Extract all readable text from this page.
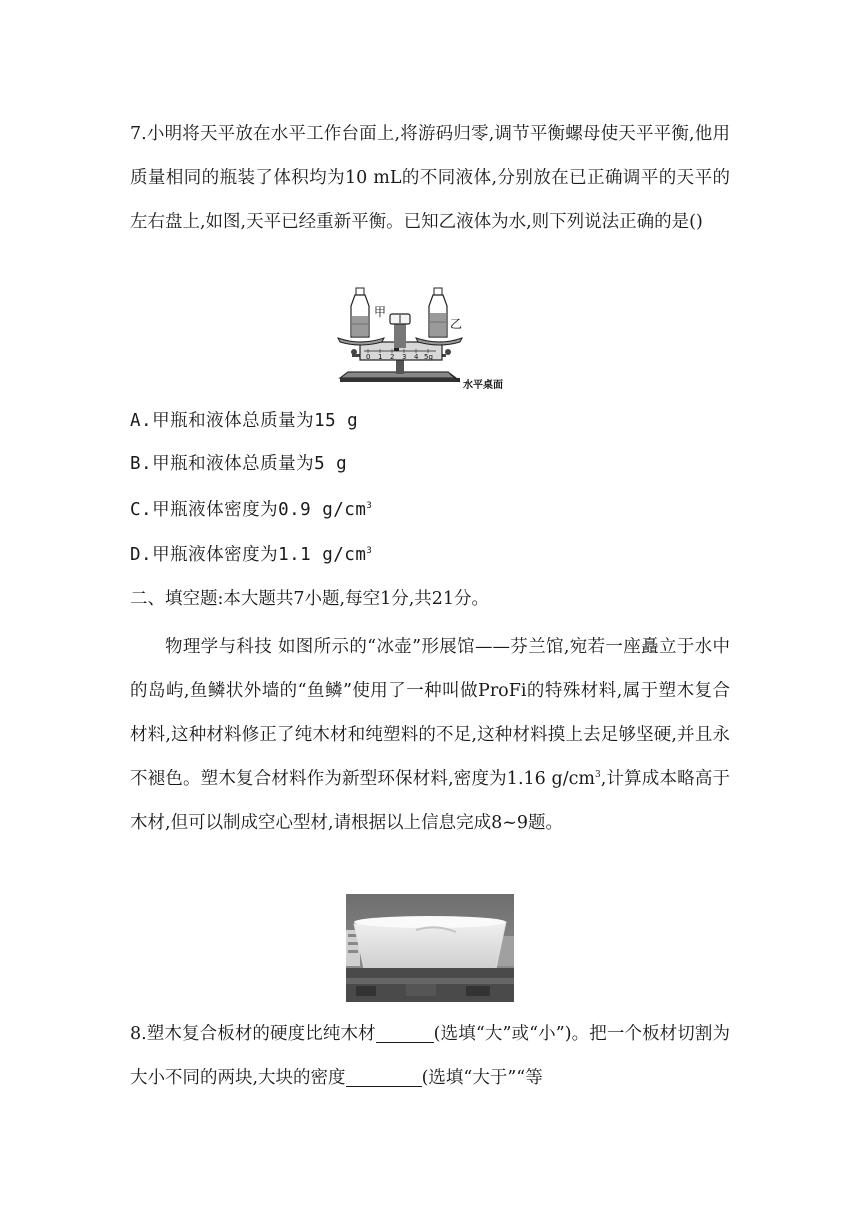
7.小明将天平放在水平工作台面上,将游码归零,调节平衡螺母使天平平衡,他用质量相同的瓶装了体积均为10 mL的不同液体,分别放在已正确调平的天平的左右盘上,如图,天平已经重新平衡。已知乙液体为水,则下列说法正确的是()

0 1 2 3 4 5g
甲
乙
水平桌面
A.甲瓶和液体总质量为15 g
B.甲瓶和液体总质量为5 g
C.甲瓶液体密度为0.9 $g/cm^3$
D.甲瓶液体密度为1.1 $g/cm^3$
二、填空题:本大题共7小题,每空1分,共21分。

物理学与科技 如图所示的“冰壶”形展馆——芬兰馆,宛若一座矗立于水中的岛屿,鱼鳞状外墙的“鱼鳞”使用了一种叫做ProFi的特殊材料,属于塑木复合材料,这种材料修正了纯木材和纯塑料的不足,这种材料摸上去足够坚硬,并且永不褪色。塑木复合材料作为新型环保材料,密度为1.16 $g/cm^3$,计算成本略高于木材,但可以制成空心型材,请根据以上信息完成8~9题。

8.塑木复合板材的硬度比纯木材	(选填“大”或“小”)。把一个板材切割为大小不同的两块,大块的密度	(选填“大于”“等
